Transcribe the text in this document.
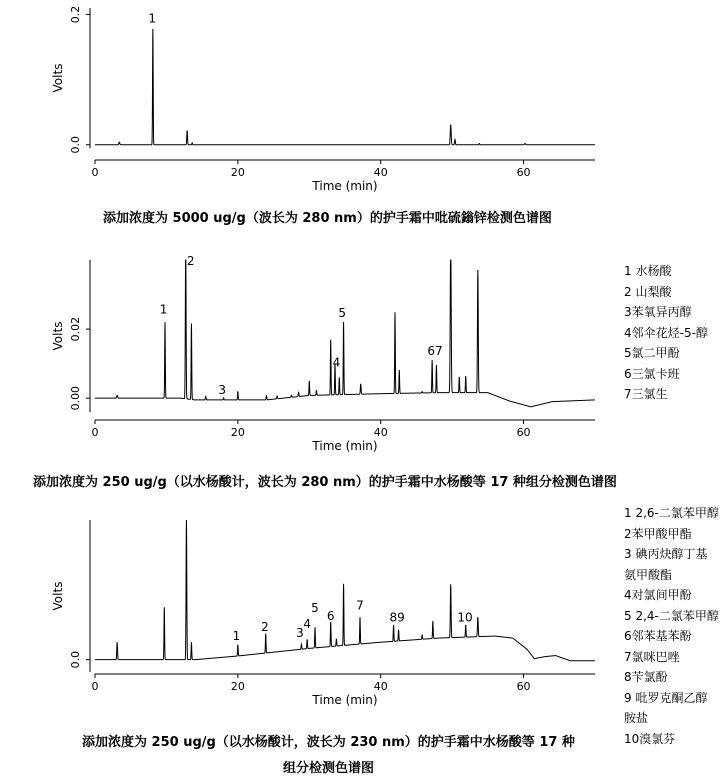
0.0
0.2
Volts
0	20	40	60
Time (min)
1
0.00
0.02
Volts
0	20	40	60
Time (min)
1
2
3
4
5
67
0.0
Volts
0	20	40	60
Time (min)
1
2 3
4
5
6
7
89	10
添加浓度为 5000 ug/g（波长为 280 nm）的护手霜中吡硫鎓锌检测色谱图
添加浓度为 250 ug/g（以水杨酸计，波长为 280 nm）的护手霜中水杨酸等 17 种组分检测色谱图
添加浓度为 250 ug/g（以水杨酸计，波长为 230 nm）的护手霜中水杨酸等 17 种
组分检测色谱图
1 水杨酸
2 山梨酸
3苯氧异丙醇
4邻伞花烃-5-醇
5氯二甲酚
6三氯卡班
7三氯生
1 2,6-二氯苯甲醇
2苯甲酸甲酯
3 碘丙炔醇丁基
氨甲酸酯
4对氯间甲酚
5 2,4-二氯苯甲醇
6邻苯基苯酚
7氯咪巴唑
8苄氯酚
9 吡罗克酮乙醇
胺盐
10溴氯芬
